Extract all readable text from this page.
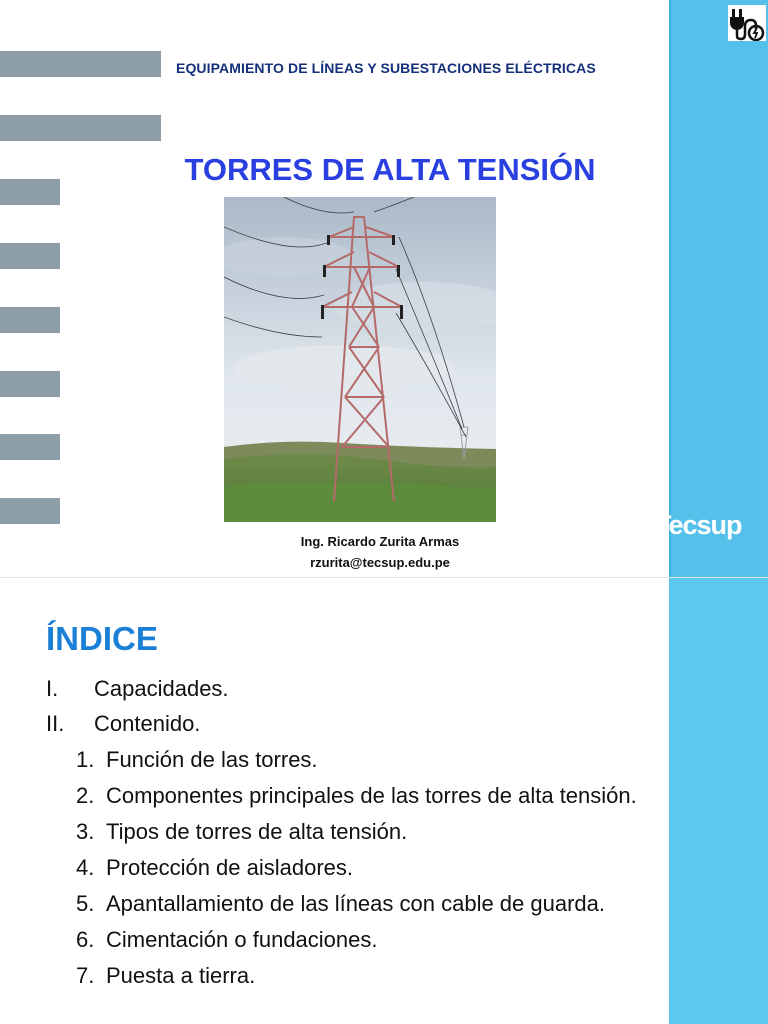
EQUIPAMIENTO DE LÍNEAS Y SUBESTACIONES ELÉCTRICAS
TORRES DE ALTA TENSIÓN
Ing. Ricardo Zurita Armas
rzurita@tecsup.edu.pe
Tecsup
ÍNDICE
I. Capacidades.
II. Contenido.
1. Función de las torres.
2. Componentes principales de las torres de alta tensión.
3. Tipos de torres de alta tensión.
4. Protección de aisladores.
5. Apantallamiento de las líneas con cable de guarda.
6. Cimentación o fundaciones.
7. Puesta a tierra.
